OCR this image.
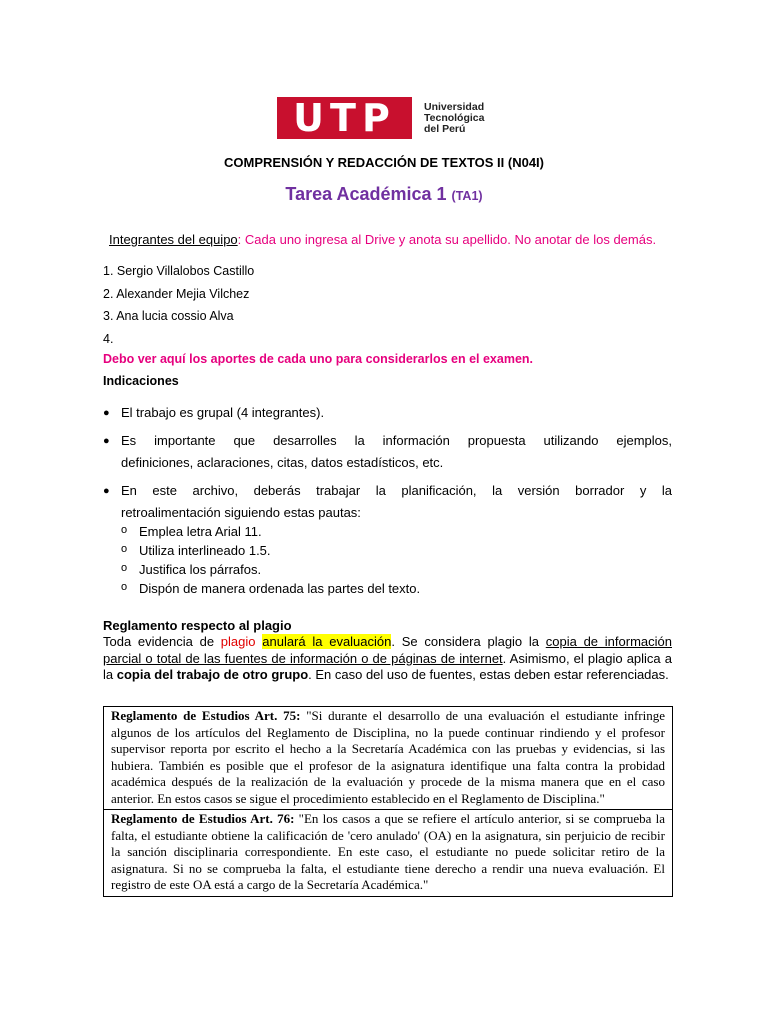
UTP	Universidad
Tecnológica
del Perú
COMPRENSIÓN Y REDACCIÓN DE TEXTOS II (N04I)
Tarea Académica 1 (TA1)
Integrantes del equipo: Cada uno ingresa al Drive y anota su apellido. No anotar de los demás.
1. Sergio Villalobos Castillo
2. Alexander Mejia Vilchez
3. Ana lucia cossio Alva
4.
Debo ver aquí los aportes de cada uno para considerarlos en el examen.
Indicaciones
● El trabajo es grupal (4 integrantes).
● Es importante que desarrolles la información propuesta utilizando ejemplos,
definiciones, aclaraciones, citas, datos estadísticos, etc.
● En este archivo, deberás trabajar la planificación, la versión borrador y la
retroalimentación siguiendo estas pautas:
o Emplea letra Arial 11.
o Utiliza interlineado 1.5.
o Justifica los párrafos.
o Dispón de manera ordenada las partes del texto.
Reglamento respecto al plagio
Toda evidencia de plagio anulará la evaluación. Se considera plagio la copia de información parcial o total de las fuentes de información o de páginas de internet. Asimismo, el plagio aplica a la copia del trabajo de otro grupo. En caso del uso de fuentes, estas deben estar referenciadas.
Reglamento de Estudios Art. 75: "Si durante el desarrollo de una evaluación el estudiante infringe algunos de los artículos del Reglamento de Disciplina, no la puede continuar rindiendo y el profesor supervisor reporta por escrito el hecho a la Secretaría Académica con las pruebas y evidencias, si las hubiera. También es posible que el profesor de la asignatura identifique una falta contra la probidad académica después de la realización de la evaluación y procede de la misma manera que en el caso anterior. En estos casos se sigue el procedimiento establecido en el Reglamento de Disciplina."
Reglamento de Estudios Art. 76: "En los casos a que se refiere el artículo anterior, si se comprueba la falta, el estudiante obtiene la calificación de 'cero anulado' (OA) en la asignatura, sin perjuicio de recibir la sanción disciplinaria correspondiente. En este caso, el estudiante no puede solicitar retiro de la asignatura. Si no se comprueba la falta, el estudiante tiene derecho a rendir una nueva evaluación. El registro de este OA está a cargo de la Secretaría Académica."
